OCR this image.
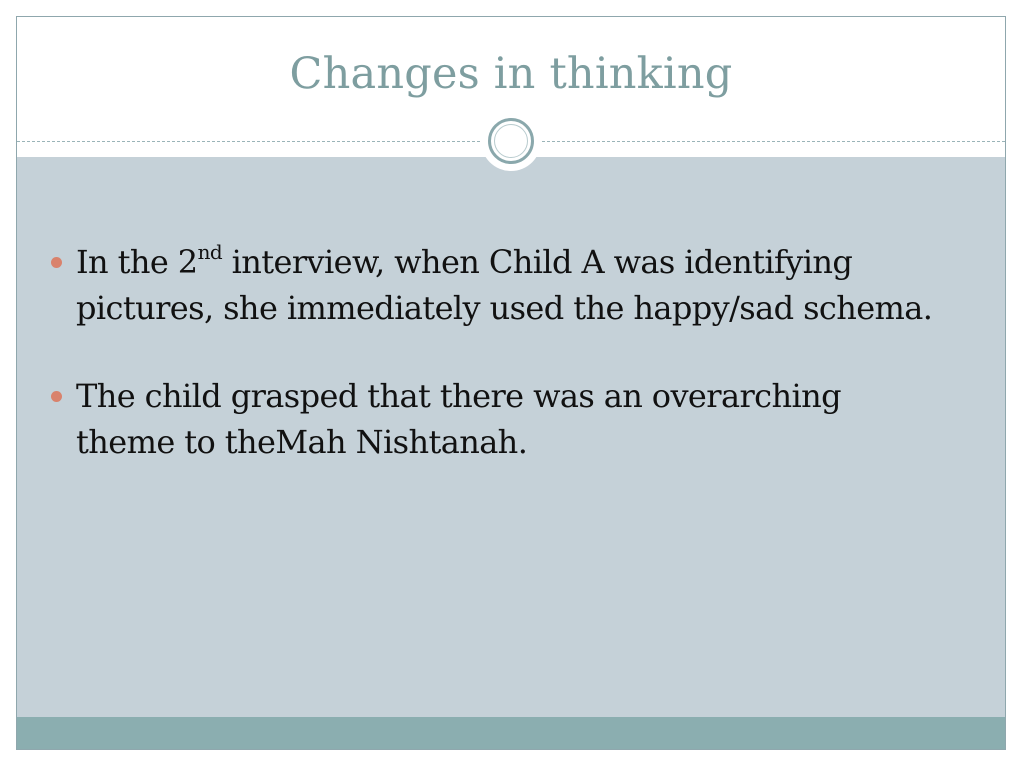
Changes in thinking
In the 2nd interview, when Child A was identifying pictures, she immediately used the happy/sad schema.
The child grasped that there was an overarching theme to theMah Nishtanah.
